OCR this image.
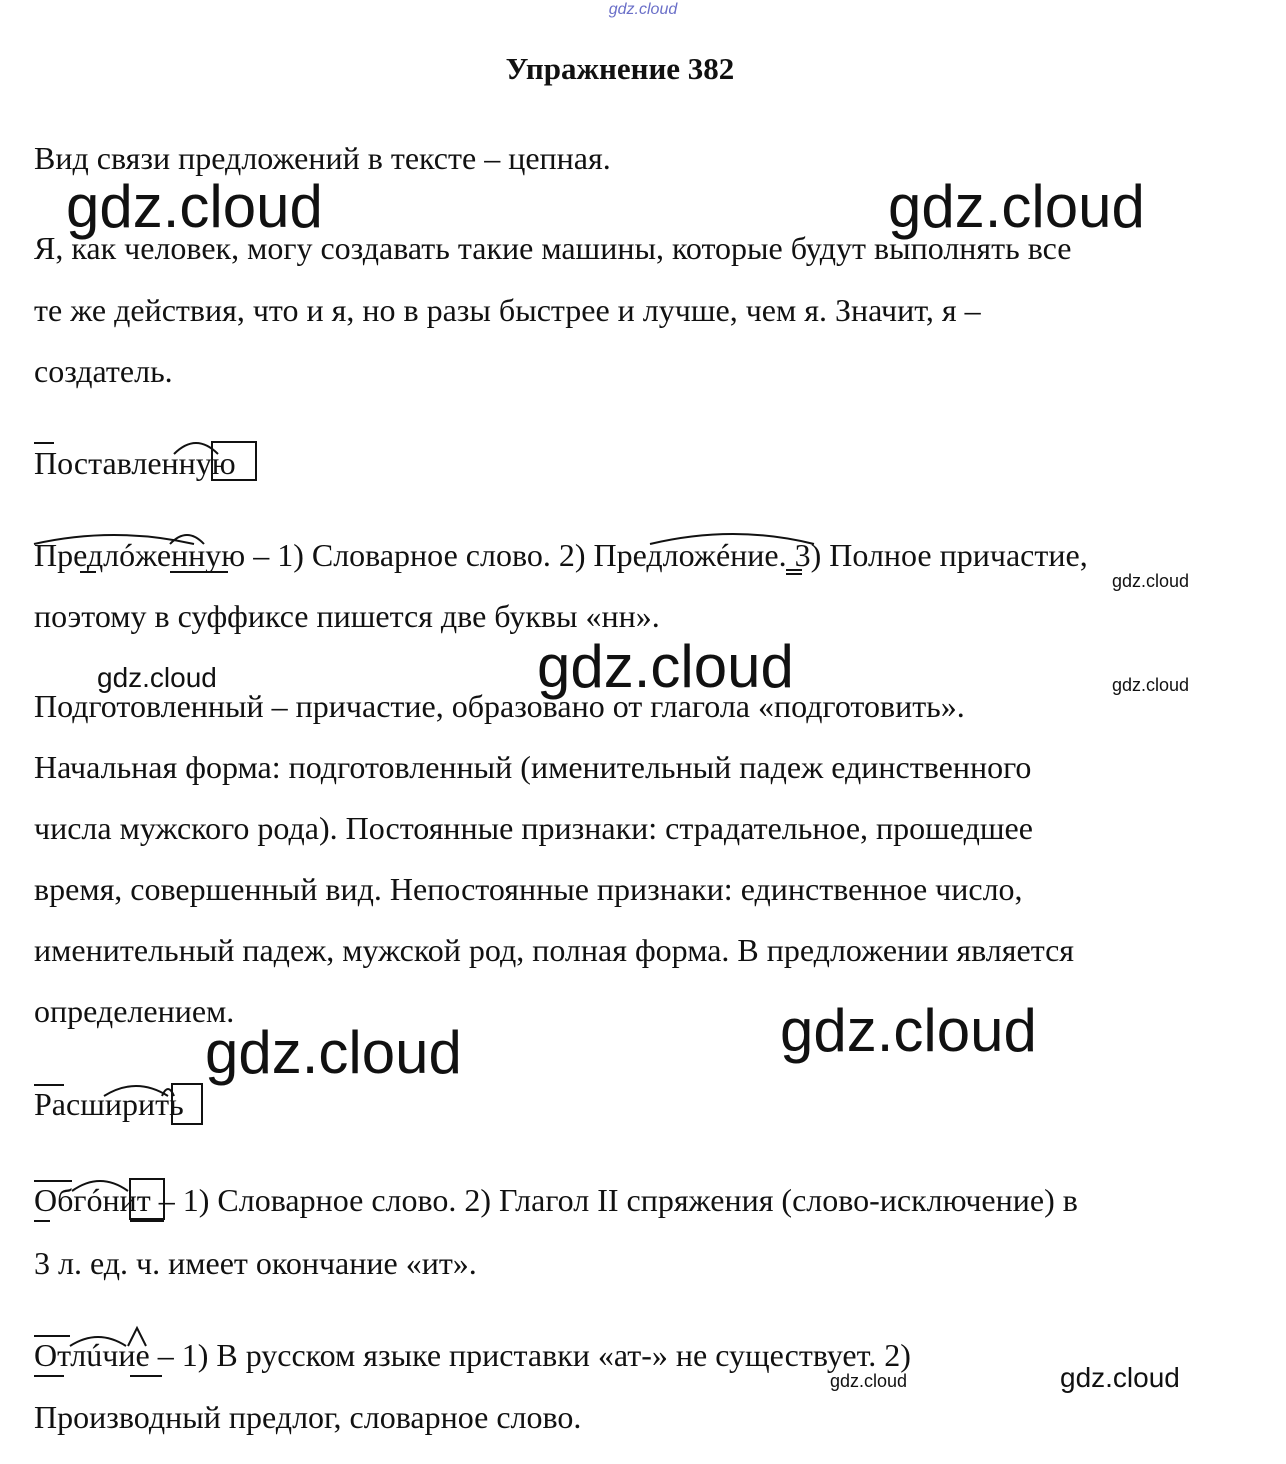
gdz.cloud
Упражнение 382
Вид связи предложений в тексте – цепная.
Я, как человек, могу создавать такие машины, которые будут выполнять все
те же действия, что и я, но в разы быстрее и лучше, чем я. Значит, я –
создатель.
Поставленную
Предлóженную – 1) Словарное слово. 2) Предложéние. 3) Полное причастие,
поэтому в суффиксе пишется две буквы «нн».
Подготовленный – причастие, образовано от глагола «подготовить».
Начальная форма: подготовленный (именительный падеж единственного
числа мужского рода). Постоянные признаки: страдательное, прошедшее
время, совершенный вид. Непостоянные признаки: единственное число,
именительный падеж, мужской род, полная форма. В предложении является
определением.
Расширить
Обгóнит – 1) Словарное слово. 2) Глагол II спряжения (слово-исключение) в
3 л. ед. ч. имеет окончание «ит».
Отлúчие – 1) В русском языке приставки «ат-» не существует. 2)
Производный предлог, словарное слово.
gdz.cloud	gdz.cloud
gdz.cloud
gdz.cloud
gdz.cloud
gdz.cloud
gdz.cloud
gdz.cloud
gdz.cloud
gdz.cloud
